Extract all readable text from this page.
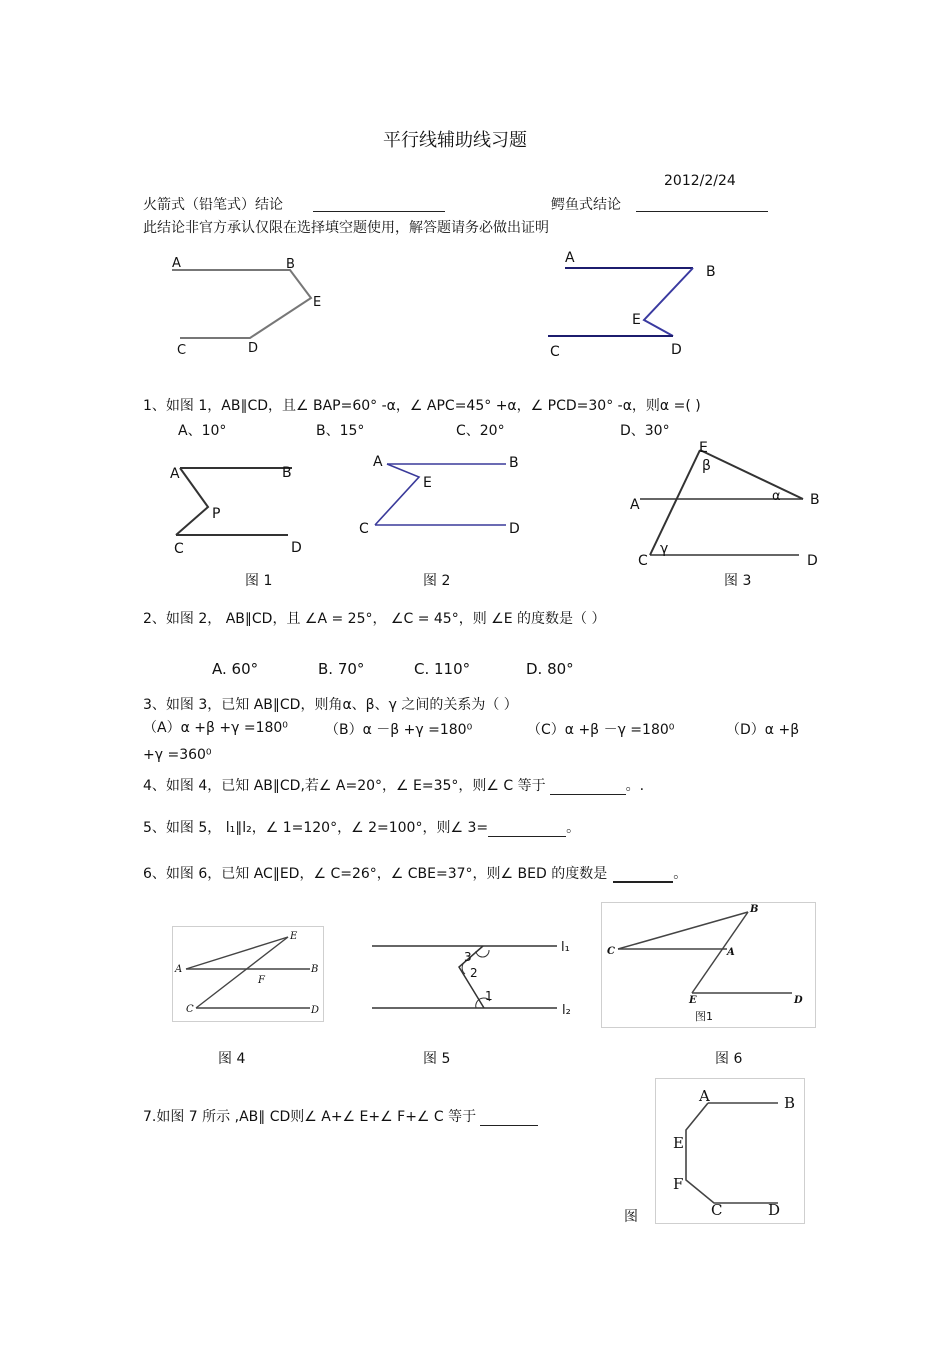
平行线辅助线习题
2012/2/24
火箭式（铅笔式）结论	鳄鱼式结论
此结论非官方承认仅限在选择填空题使用，解答题请务必做出证明
A	B
E
C	D
A
B
E
C	D
1、如图 1，AB∥CD，且∠ BAP=60° -α，∠ APC=45° +α，∠ PCD=30° -α，则α =( )
A、10°	B、15°	C、20°	D、30°
A	B
P
C	D
图 1
A	B
E
C	D
图 2
E
β
A
α B
γ
C	D
图 3
2、如图 2， AB∥CD，且 ∠A = 25°， ∠C = 45°，则 ∠E 的度数是（ ）
A. 60°	B. 70°	C. 110°	D. 80°
3、如图 3，已知 AB∥CD，则角α、β、γ 之间的关系为（ ）
（A）α +β +γ =180⁰	（B）α －β +γ =180⁰	（C）α +β －γ =180⁰	（D）α +β
+γ =360⁰
4、如图 4，已知 AB∥CD,若∠ A=20°，∠ E=35°，则∠ C 等于	。.
5、如图 5， l₁∥l₂，∠ 1=120°，∠ 2=100°，则∠ 3=	。
6、如图 6，已知 AC∥ED，∠ C=26°，∠ CBE=37°，则∠ BED 的度数是	。
E
A
F
B
C	D
图 4
3
2
1
l₁
l₂
图 5
B
C	A
E	D
图1
图 6
7.如图 7 所示 ,AB∥ CD则∠ A+∠ E+∠ F+∠ C 等于
A	B
E
F
C	D
图
